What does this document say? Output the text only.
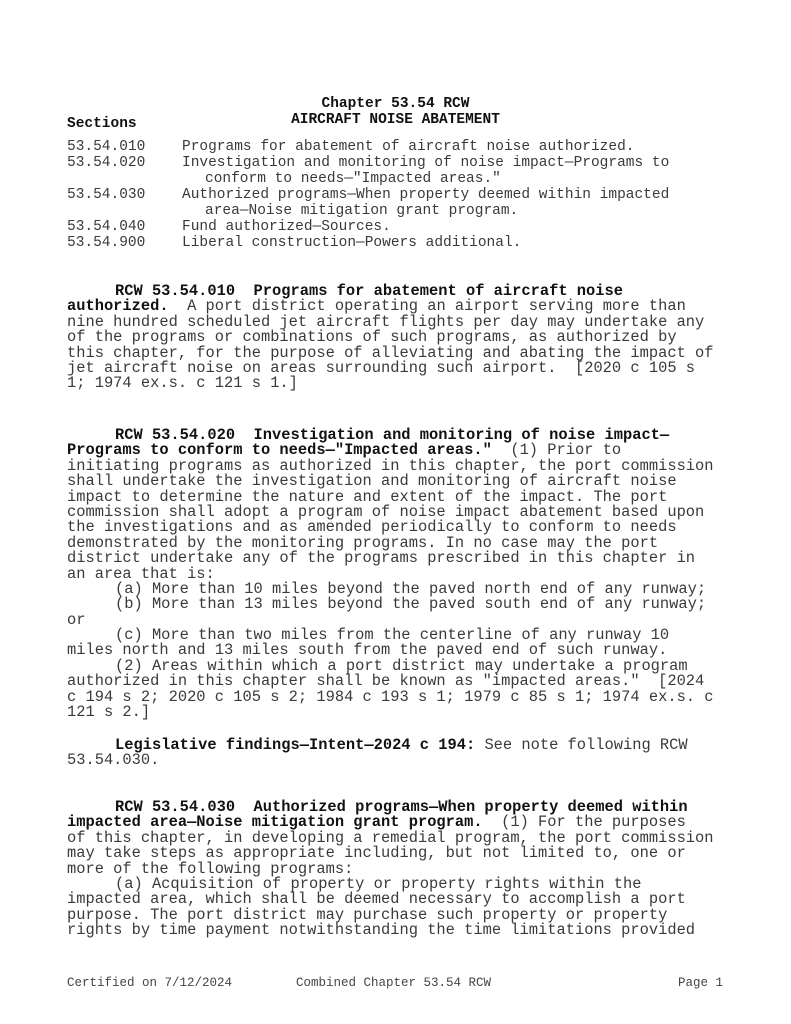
Chapter 53.54 RCW
AIRCRAFT NOISE ABATEMENT
Sections
53.54.010	Programs for abatement of aircraft noise authorized.
53.54.020	Investigation and monitoring of noise impact—Programs to
conform to needs—"Impacted areas."
53.54.030	Authorized programs—When property deemed within impacted
area—Noise mitigation grant program.
53.54.040	Fund authorized—Sources.
53.54.900	Liberal construction—Powers additional.
RCW 53.54.010  Programs for abatement of aircraft noise
authorized.  A port district operating an airport serving more than
nine hundred scheduled jet aircraft flights per day may undertake any
of the programs or combinations of such programs, as authorized by
this chapter, for the purpose of alleviating and abating the impact of
jet aircraft noise on areas surrounding such airport.  [2020 c 105 s
1; 1974 ex.s. c 121 s 1.]
RCW 53.54.020  Investigation and monitoring of noise impact—
Programs to conform to needs—"Impacted areas."  (1) Prior to
initiating programs as authorized in this chapter, the port commission
shall undertake the investigation and monitoring of aircraft noise
impact to determine the nature and extent of the impact. The port
commission shall adopt a program of noise impact abatement based upon
the investigations and as amended periodically to conform to needs
demonstrated by the monitoring programs. In no case may the port
district undertake any of the programs prescribed in this chapter in
an area that is:
(a) More than 10 miles beyond the paved north end of any runway;
(b) More than 13 miles beyond the paved south end of any runway;
or
(c) More than two miles from the centerline of any runway 10
miles north and 13 miles south from the paved end of such runway.
(2) Areas within which a port district may undertake a program
authorized in this chapter shall be known as "impacted areas."  [2024
c 194 s 2; 2020 c 105 s 2; 1984 c 193 s 1; 1979 c 85 s 1; 1974 ex.s. c
121 s 2.]
Legislative findings—Intent—2024 c 194: See note following RCW
53.54.030.
RCW 53.54.030  Authorized programs—When property deemed within
impacted area—Noise mitigation grant program.  (1) For the purposes
of this chapter, in developing a remedial program, the port commission
may take steps as appropriate including, but not limited to, one or
more of the following programs:
(a) Acquisition of property or property rights within the
impacted area, which shall be deemed necessary to accomplish a port
purpose. The port district may purchase such property or property
rights by time payment notwithstanding the time limitations provided
Certified on 7/12/2024	Combined Chapter 53.54 RCW	Page 1
